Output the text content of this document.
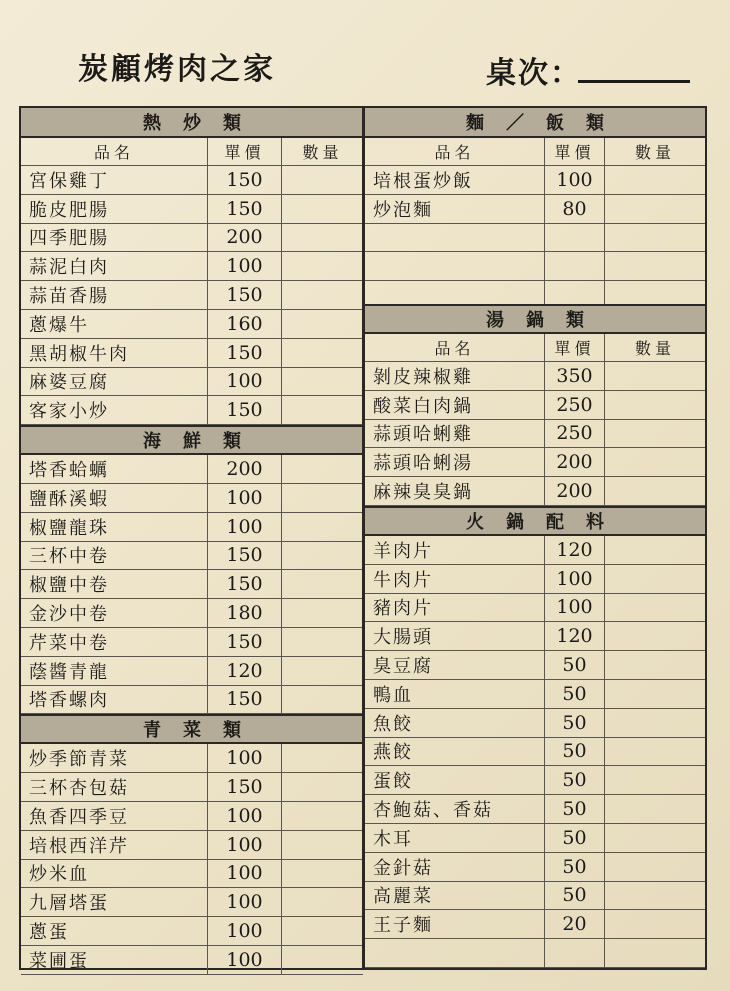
炭顧烤肉之家	桌次：
熱炒類
品名	單價	數量
宮保雞丁	150
脆皮肥腸	150
四季肥腸	200
蒜泥白肉	100
蒜苗香腸	150
蔥爆牛	160
黑胡椒牛肉	150
麻婆豆腐	100
客家小炒	150
海鮮類
塔香蛤蠣	200
鹽酥溪蝦	100
椒鹽龍珠	100
三杯中卷	150
椒鹽中卷	150
金沙中卷	180
芹菜中卷	150
蔭醬青龍	120
塔香螺肉	150
青菜類
炒季節青菜	100
三杯杏包菇	150
魚香四季豆	100
培根西洋芹	100
炒米血	100
九層塔蛋	100
蔥蛋	100
菜圃蛋	100
麵／飯類
品名	單價	數量
培根蛋炒飯	100
炒泡麵	80
湯鍋類
品名	單價	數量
剝皮辣椒雞	350
酸菜白肉鍋	250
蒜頭哈蜊雞	250
蒜頭哈蜊湯	200
麻辣臭臭鍋	200
火鍋配料
羊肉片	120
牛肉片	100
豬肉片	100
大腸頭	120
臭豆腐	50
鴨血	50
魚餃	50
燕餃	50
蛋餃	50
杏鮑菇、香菇	50
木耳	50
金針菇	50
高麗菜	50
王子麵	20
